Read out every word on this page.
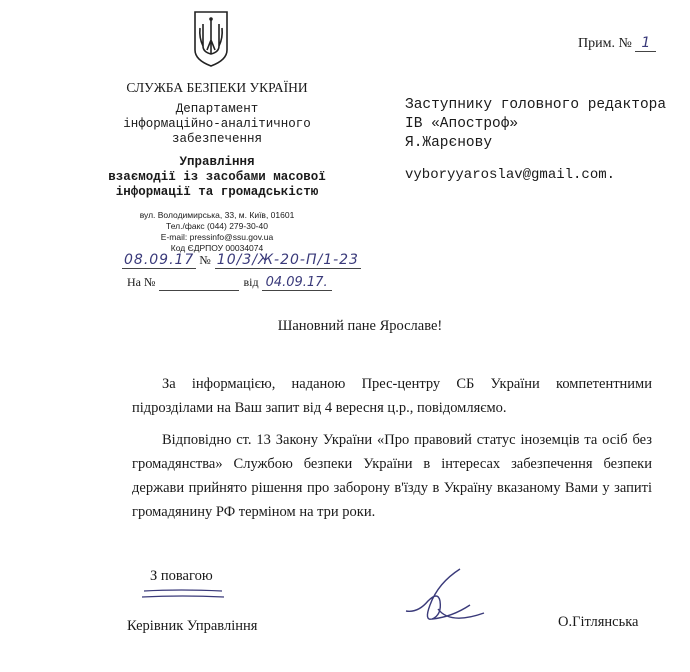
СЛУЖБА БЕЗПЕКИ УКРАЇНИ
Департамент
інформаційно-аналітичного
забезпечення
Управління
взаємодії із засобами масової
інформації та громадськістю
вул. Володимирська, 33, м. Київ, 01601
Тел./факс (044) 279-30-40
E-mail: pressinfo@ssu.gov.ua
Код ЄДРПОУ 00034074
08.09.17 № 10/3/Ж-20-П/1-23
На №	від 04.09.17.
Прим. № 1
Заступнику головного редактора
ІВ «Апостроф»
Я.Жарєнову
vyboryyaroslav@gmail.com.
Шановний пане Ярославе!
За інформацією, наданою Прес-центру СБ України компетентними підрозділами на Ваш запит від 4 вересня ц.р., повідомляємо.
Відповідно ст. 13 Закону України «Про правовий статус іноземців та осіб без громадянства» Службою безпеки України в інтересах забезпечення безпеки держави прийнято рішення про заборону в'їзду в Україну вказаному Вами у запиті громадянину РФ терміном на три роки.
З повагою
Керівник Управління	О.Гітлянська
